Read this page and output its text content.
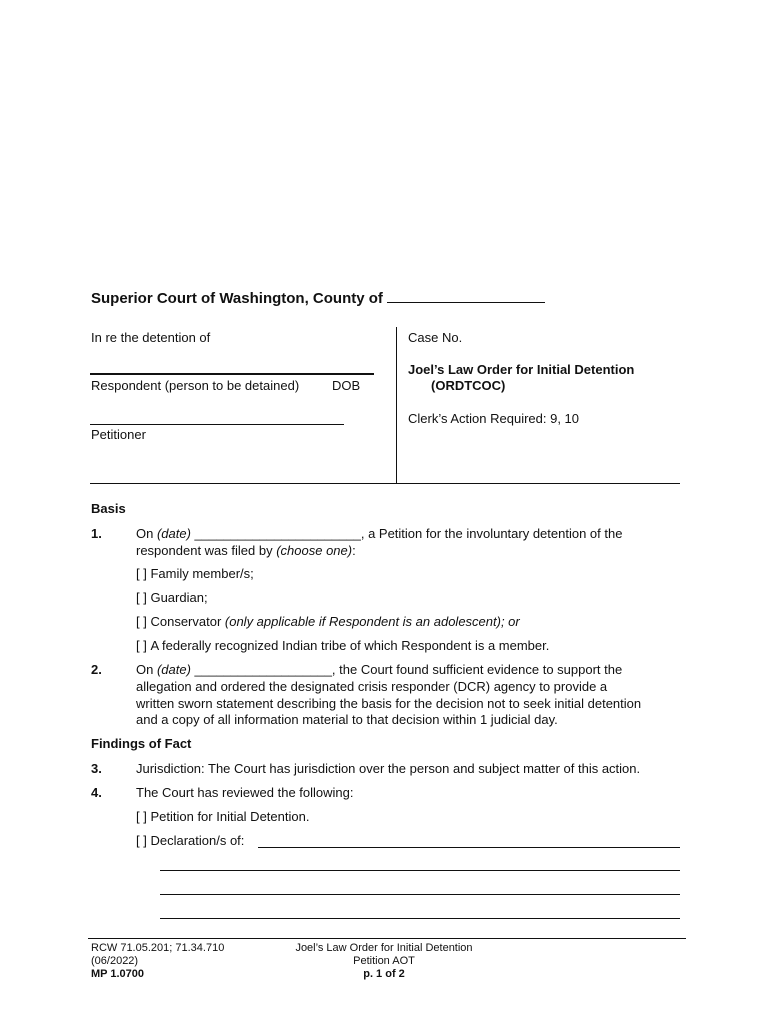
Superior Court of Washington, County of
In re the detention of
Respondent (person to be detained)	DOB
Petitioner
Case No.
Joel’s Law Order for Initial Detention
(ORDTCOC)
Clerk’s Action Required: 9, 10
Basis
1.	On (date) _______________________, a Petition for the involuntary detention of the
respondent was filed by (choose one):
[ ] Family member/s;
[ ] Guardian;
[ ] Conservator (only applicable if Respondent is an adolescent); or
[ ] A federally recognized Indian tribe of which Respondent is a member.
2.	On (date) ___________________, the Court found sufficient evidence to support the
allegation and ordered the designated crisis responder (DCR) agency to provide a
written sworn statement describing the basis for the decision not to seek initial detention
and a copy of all information material to that decision within 1 judicial day.
Findings of Fact
3.	Jurisdiction: The Court has jurisdiction over the person and subject matter of this action.
4.	The Court has reviewed the following:
[ ] Petition for Initial Detention.
[ ] Declaration/s of:
RCW 71.05.201; 71.34.710
(06/2022)
MP 1.0700
Joel’s Law Order for Initial Detention
Petition AOT
p. 1 of 2
